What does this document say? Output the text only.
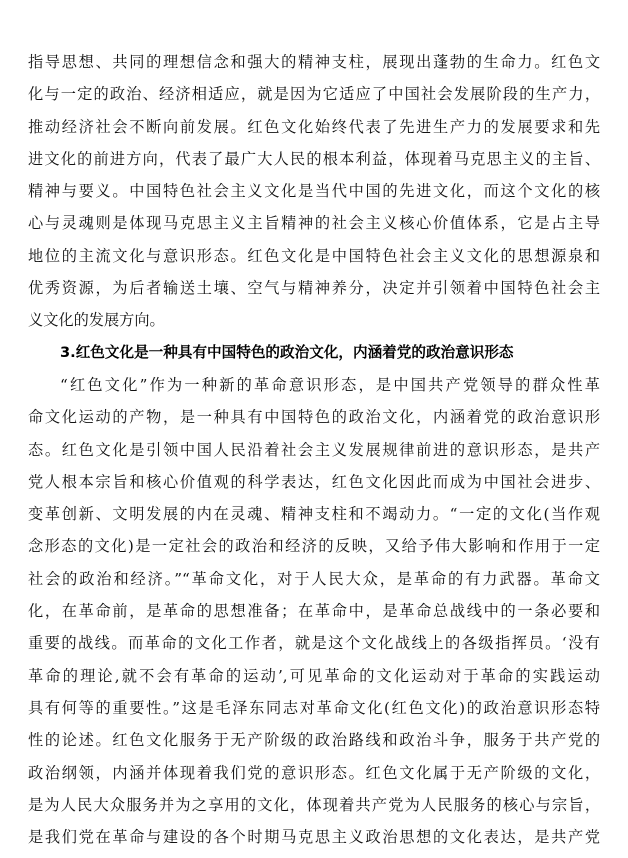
指导思想、共同的理想信念和强大的精神支柱，展现出蓬勃的生命力。红色文
化与一定的政治、经济相适应，就是因为它适应了中国社会发展阶段的生产力，
推动经济社会不断向前发展。红色文化始终代表了先进生产力的发展要求和先
进文化的前进方向，代表了最广大人民的根本利益，体现着马克思主义的主旨、
精神与要义。中国特色社会主义文化是当代中国的先进文化，而这个文化的核
心与灵魂则是体现马克思主义主旨精神的社会主义核心价值体系，它是占主导
地位的主流文化与意识形态。红色文化是中国特色社会主义文化的思想源泉和
优秀资源，为后者输送土壤、空气与精神养分，决定并引领着中国特色社会主
义文化的发展方向。
3.红色文化是一种具有中国特色的政治文化，内涵着党的政治意识形态
“红色文化”作为一种新的革命意识形态，是中国共产党领导的群众性革
命文化运动的产物，是一种具有中国特色的政治文化，内涵着党的政治意识形
态。红色文化是引领中国人民沿着社会主义发展规律前进的意识形态，是共产
党人根本宗旨和核心价值观的科学表达，红色文化因此而成为中国社会进步、
变革创新、文明发展的内在灵魂、精神支柱和不竭动力。“一定的文化(当作观
念形态的文化)是一定社会的政治和经济的反映，又给予伟大影响和作用于一定
社会的政治和经济。”“革命文化，对于人民大众，是革命的有力武器。革命文
化，在革命前，是革命的思想准备；在革命中，是革命总战线中的一条必要和
重要的战线。而革命的文化工作者，就是这个文化战线上的各级指挥员。‘没有
革命的理论,就不会有革命的运动’,可见革命的文化运动对于革命的实践运动
具有何等的重要性。”这是毛泽东同志对革命文化(红色文化)的政治意识形态特
性的论述。红色文化服务于无产阶级的政治路线和政治斗争，服务于共产党的
政治纲领，内涵并体现着我们党的意识形态。红色文化属于无产阶级的文化，
是为人民大众服务并为之享用的文化，体现着共产党为人民服务的核心与宗旨，
是我们党在革命与建设的各个时期马克思主义政治思想的文化表达，是共产党
